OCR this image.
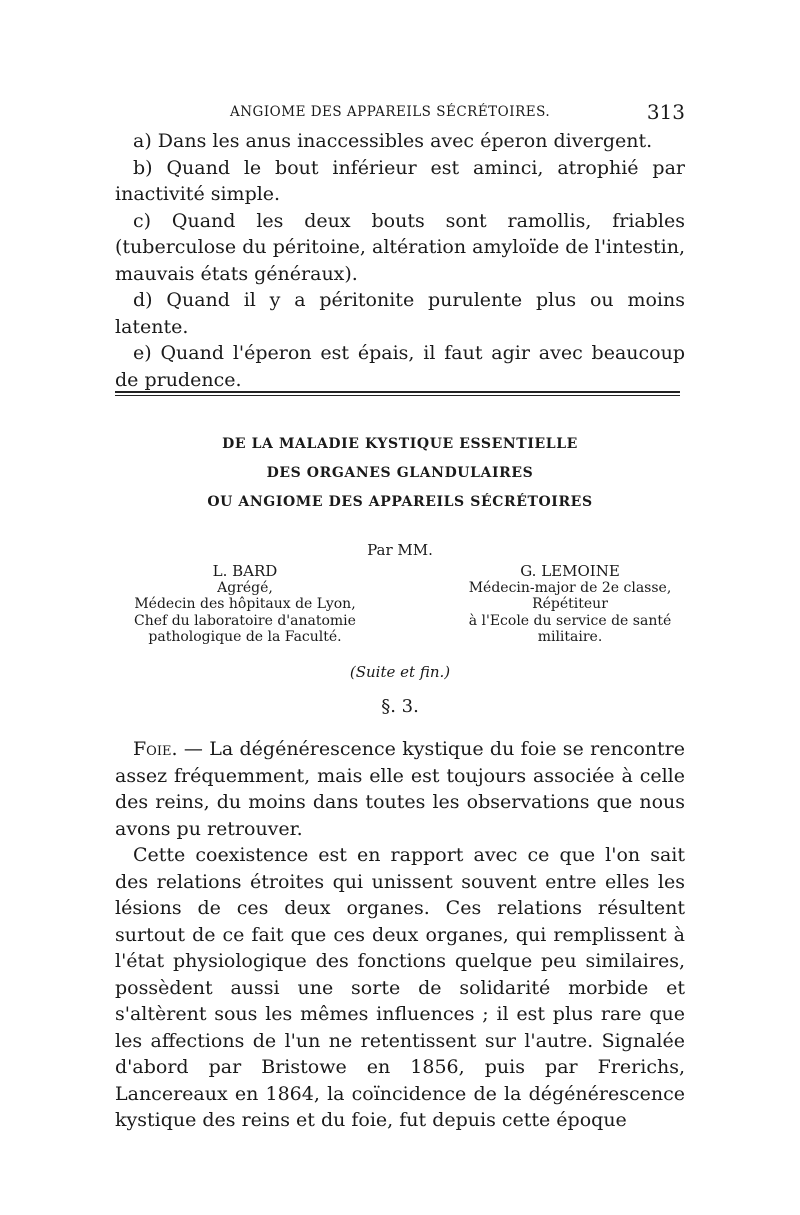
ANGIOME DES APPAREILS SÉCRÉTOIRES.	313

a) Dans les anus inaccessibles avec éperon divergent.

b) Quand le bout inférieur est aminci, atrophié par inactivité simple.

c) Quand les deux bouts sont ramollis, friables (tuberculose du péritoine, altération amyloïde de l'intestin, mauvais états généraux).

d) Quand il y a péritonite purulente plus ou moins latente.

e) Quand l'éperon est épais, il faut agir avec beaucoup de prudence.

DE LA MALADIE KYSTIQUE ESSENTIELLE
DES ORGANES GLANDULAIRES
OU ANGIOME DES APPAREILS SÉCRÉTOIRES
Par MM.
L. BARD
Agrégé,
Médecin des hôpitaux de Lyon,
Chef du laboratoire d'anatomie
pathologique de la Faculté.
G. LEMOINE
Médecin-major de 2e classe,
Répétiteur
à l'Ecole du service de santé
militaire.
(Suite et fin.)
§. 3.

Foie. — La dégénérescence kystique du foie se rencontre assez fréquemment, mais elle est toujours associée à celle des reins, du moins dans toutes les observations que nous avons pu retrouver.

Cette coexistence est en rapport avec ce que l'on sait des relations étroites qui unissent souvent entre elles les lésions de ces deux organes. Ces relations résultent surtout de ce fait que ces deux organes, qui remplissent à l'état physiologique des fonctions quelque peu similaires, possèdent aussi une sorte de solidarité morbide et s'altèrent sous les mêmes influences ; il est plus rare que les affections de l'un ne retentissent sur l'autre. Signalée d'abord par Bristowe en 1856, puis par Frerichs, Lancereaux en 1864, la coïncidence de la dégénérescence kystique des reins et du foie, fut depuis cette époque
